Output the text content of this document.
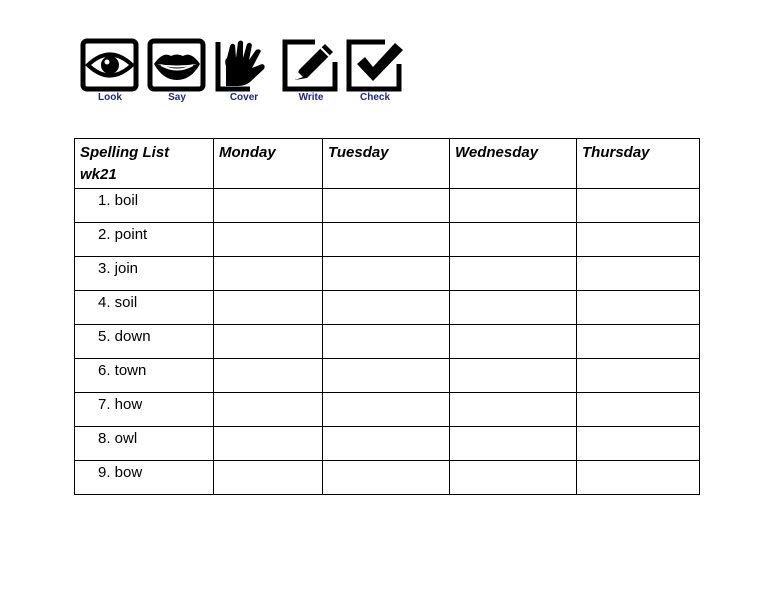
Look	Say	Cover	Write	Check
Spelling List
wk21	Monday	Tuesday	Wednesday	Thursday
1. boil				
2. point				
3. join				
4. soil				
5. down				
6. town				
7. how				
8. owl				
9. bow				
